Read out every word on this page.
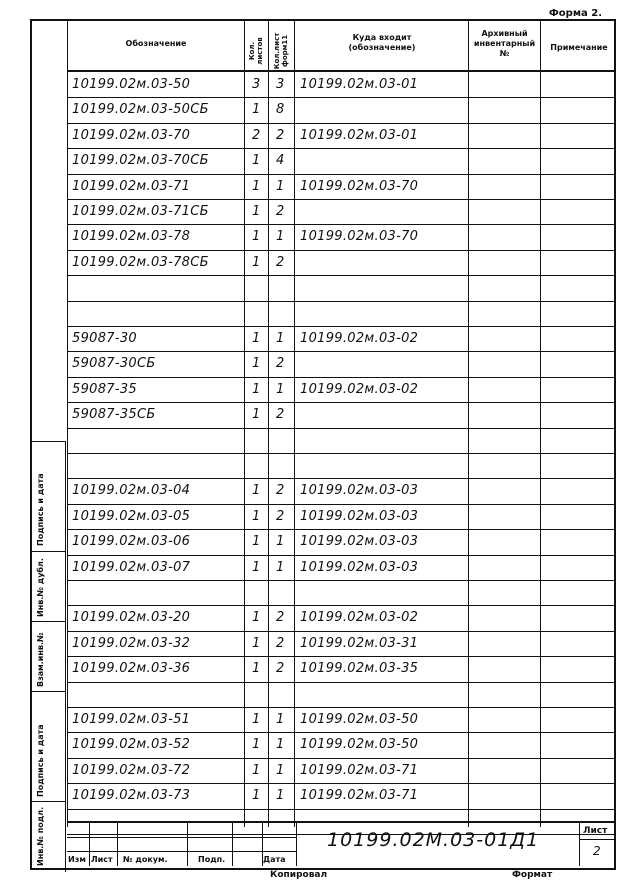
Форма 2.
Подпись и дата
Инв.№ дубл.
Взам.инв.№
Подпись и дата
Инв.№ подл.
Обозначение	Кол. листов Кол.лист форм11	Куда входит (обозначение)
Архивный инвентарный №
Примечание
10199.02м.03-50	3 3 10199.02м.03-01
10199.02м.03-50СБ	1 8
10199.02м.03-70	2 2 10199.02м.03-01
10199.02м.03-70СБ	1 4
10199.02м.03-71	1 1 10199.02м.03-70
10199.02м.03-71СБ	1 2
10199.02м.03-78	1 1 10199.02м.03-70
10199.02м.03-78СБ	1 2
59087-30	1 1 10199.02м.03-02
59087-30СБ	1 2
59087-35	1 1 10199.02м.03-02
59087-35СБ	1 2
10199.02м.03-04	1 2 10199.02м.03-03
10199.02м.03-05	1 2 10199.02м.03-03
10199.02м.03-06	1 1 10199.02м.03-03
10199.02м.03-07	1 1 10199.02м.03-03
10199.02м.03-20	1 2 10199.02м.03-02
10199.02м.03-32	1 2 10199.02м.03-31
10199.02м.03-36	1 2 10199.02м.03-35
10199.02м.03-51	1 1 10199.02м.03-50
10199.02м.03-52	1 1 10199.02м.03-50
10199.02м.03-72	1 1 10199.02м.03-71
10199.02м.03-73	1 1 10199.02м.03-71
Изм Лист № докум.	Подп.	Дата
10199.02М.03-01Д1	Лист
2
Копировал	Формат
